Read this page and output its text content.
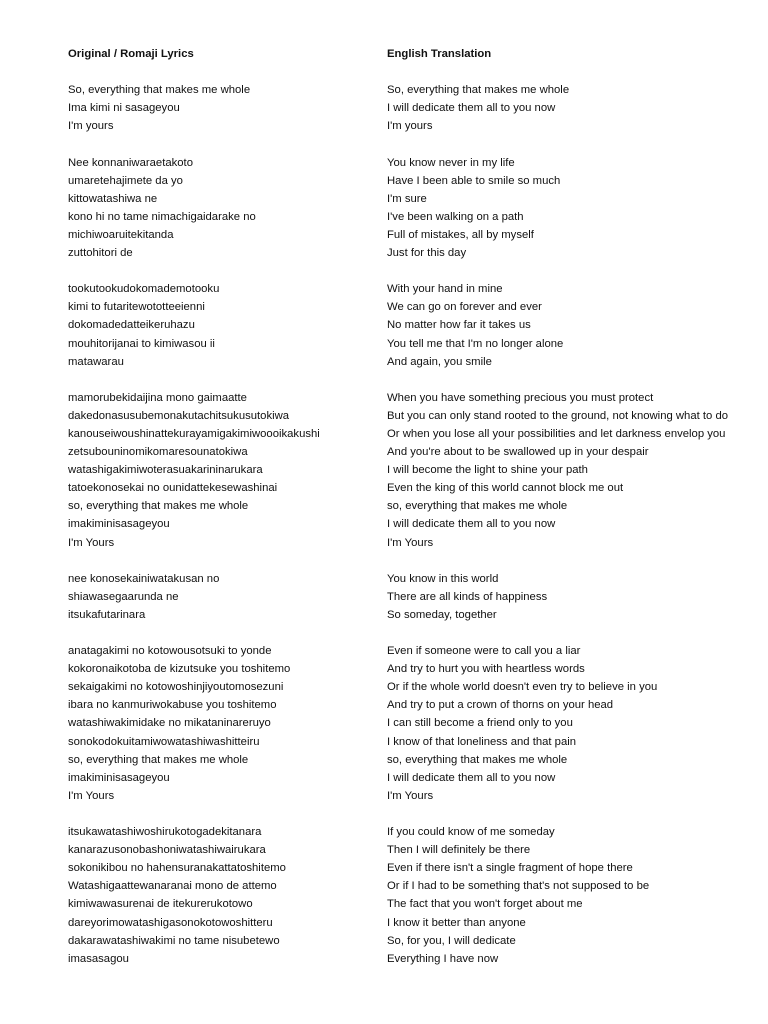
Original / Romaji Lyrics
So, everything that makes me whole
Ima kimi ni sasageyou
I'm yours
Nee konnaniwaraetakoto
umaretehajimete da yo
kittowatashiwa ne
kono hi no tame nimachigaidarake no
michiwoaruitekitanda
zuttohitori de
tookutookudokomademotooku
kimi to futaritewototteeienni
dokomadedatteikeruhazu
mouhitorijanai to kimiwasou ii
matawarau
mamorubekidaijina mono gaimaatte
dakedonasusubemonakutachitsukusutokiwa
kanouseiwoushinattekurayamigakimiwoooikakushi
zetsubouninomikomaresounatokiwa
watashigakimiwoterasuakarininarukara
tatoekonosekai no ounidattekesewashinai
so, everything that makes me whole
imakiminisasageyou
I'm Yours
nee konosekainiwatakusan no
shiawasegaarunda ne
itsukafutarinara
anatagakimi no kotowousotsuki to yonde
kokoronaikotoba de kizutsuke you toshitemo
sekaigakimi no kotowoshinjiyoutomosezuni
ibara no kanmuriwokabuse you toshitemo
watashiwakimidake no mikataninareruyo
sonokodokuitamiwowatashiwashitteiru
so, everything that makes me whole
imakiminisasageyou
I'm Yours
itsukawatashiwoshirukotogadekitanara
kanarazusonobashoniwatashiwairukara
sokonikibou no hahensuranakattatoshitemo
Watashigaattewanaranai mono de attemo
kimiwawasurenai de itekurerukotowo
dareyorimowatashigasonokotowoshitteru
dakarawatashiwakimi no tame nisubetewo
imasasagou
English Translation
So, everything that makes me whole
I will dedicate them all to you now
I'm yours
You know never in my life
Have I been able to smile so much
I'm sure
I've been walking on a path
Full of mistakes, all by myself
Just for this day
With your hand in mine
We can go on forever and ever
No matter how far it takes us
You tell me that I'm no longer alone
And again, you smile
When you have something precious you must protect
But you can only stand rooted to the ground, not knowing what to do
Or when you lose all your possibilities and let darkness envelop you
And you're about to be swallowed up in your despair
I will become the light to shine your path
Even the king of this world cannot block me out
so, everything that makes me whole
I will dedicate them all to you now
I'm Yours
You know in this world
There are all kinds of happiness
So someday, together
Even if someone were to call you a liar
And try to hurt you with heartless words
Or if the whole world doesn't even try to believe in you
And try to put a crown of thorns on your head
I can still become a friend only to you
I know of that loneliness and that pain
so, everything that makes me whole
I will dedicate them all to you now
I'm Yours
If you could know of me someday
Then I will definitely be there
Even if there isn't a single fragment of hope there
Or if I had to be something that's not supposed to be
The fact that you won't forget about me
I know it better than anyone
So, for you, I will dedicate
Everything I have now
